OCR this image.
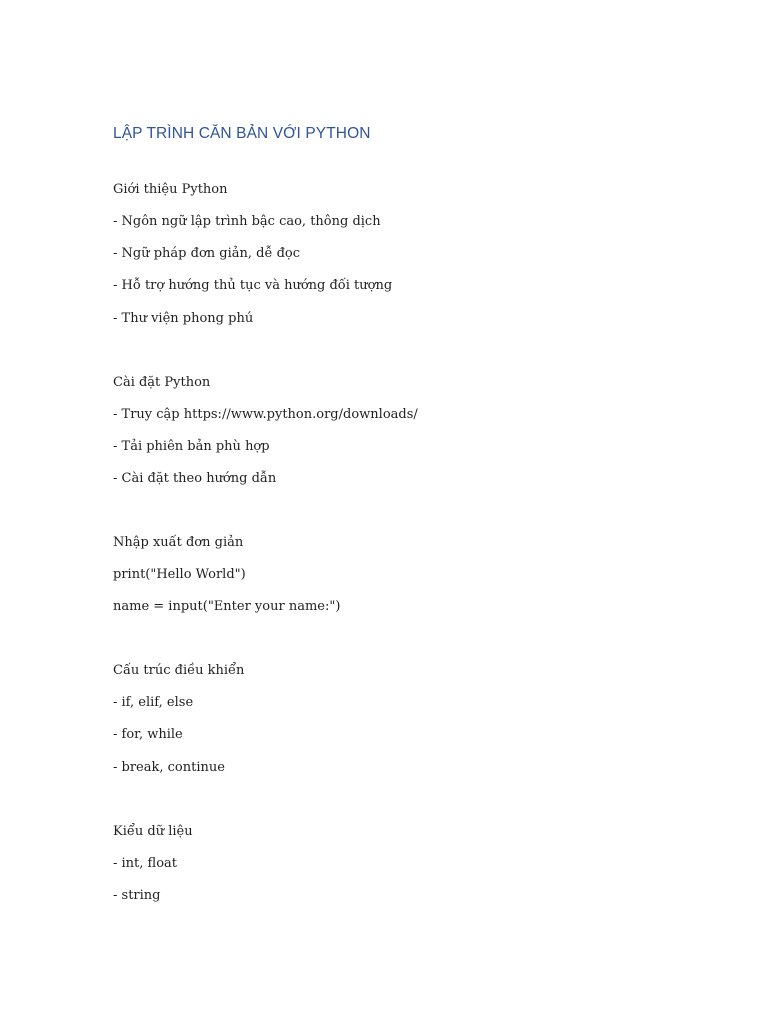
LẬP TRÌNH CĂN BẢN VỚI PYTHON

Giới thiệu Python

- Ngôn ngữ lập trình bậc cao, thông dịch

- Ngữ pháp đơn giản, dễ đọc

- Hỗ trợ hướng thủ tục và hướng đối tượng

- Thư viện phong phú

Cài đặt Python

- Truy cập https://www.python.org/downloads/

- Tải phiên bản phù hợp

- Cài đặt theo hướng dẫn

Nhập xuất đơn giản

print("Hello World")

name = input("Enter your name:")

Cấu trúc điều khiển

- if, elif, else

- for, while

- break, continue

Kiểu dữ liệu

- int, float

- string
